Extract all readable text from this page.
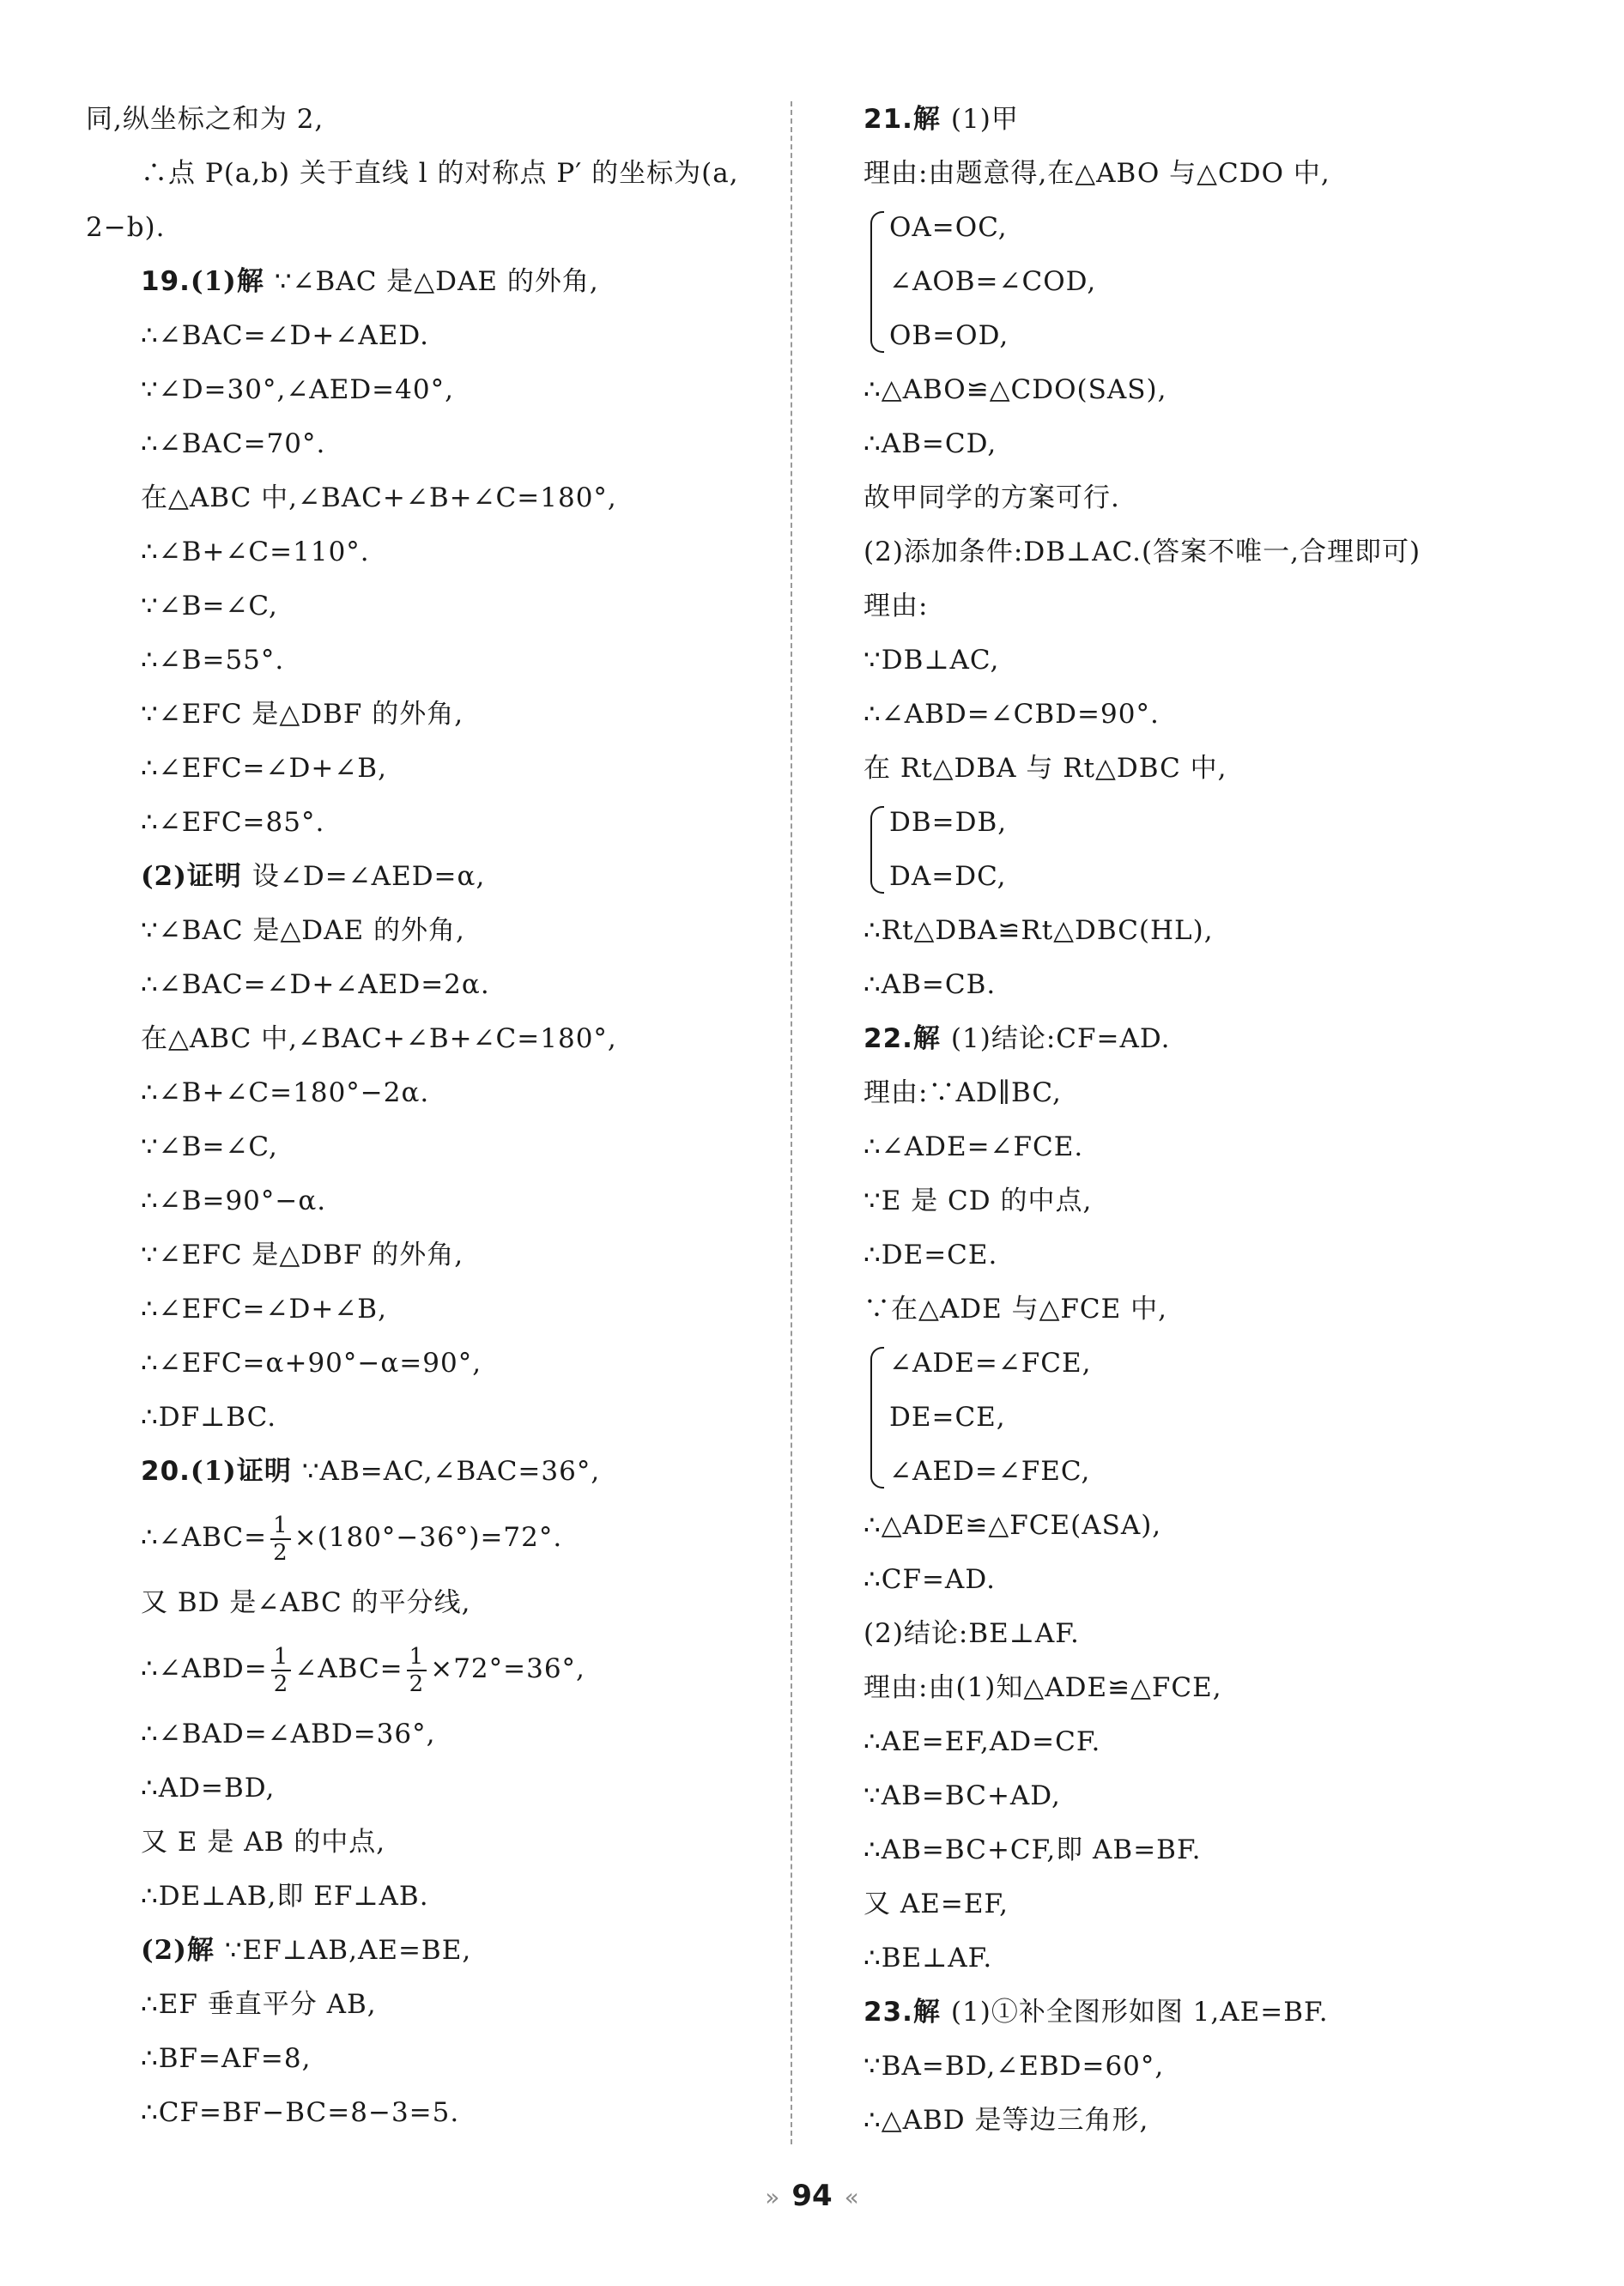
同,纵坐标之和为 2,
∴点 P(a,b) 关于直线 l 的对称点 P′ 的坐标为(a,
2−b).
19.(1)解 ∵∠BAC 是△DAE 的外角,
∴∠BAC=∠D+∠AED.
∵∠D=30°,∠AED=40°,
∴∠BAC=70°.
在△ABC 中,∠BAC+∠B+∠C=180°,
∴∠B+∠C=110°.
∵∠B=∠C,
∴∠B=55°.
∵∠EFC 是△DBF 的外角,
∴∠EFC=∠D+∠B,
∴∠EFC=85°.
(2)证明 设∠D=∠AED=α,
∵∠BAC 是△DAE 的外角,
∴∠BAC=∠D+∠AED=2α.
在△ABC 中,∠BAC+∠B+∠C=180°,
∴∠B+∠C=180°−2α.
∵∠B=∠C,
∴∠B=90°−α.
∵∠EFC 是△DBF 的外角,
∴∠EFC=∠D+∠B,
∴∠EFC=α+90°−α=90°,
∴DF⊥BC.
20.(1)证明 ∵AB=AC,∠BAC=36°,
∴∠ABC= $\frac{1}{2} \times(180^\circ-36^\circ)=72^\circ$.
又 BD 是∠ABC 的平分线,
∴∠ABD= $\frac{1}{2}$ ∠ABC= $\frac{1}{2} \times 72^\circ=36^\circ$,
∴∠BAD=∠ABD=36°,
∴AD=BD,
又 E 是 AB 的中点,
∴DE⊥AB,即 EF⊥AB.
(2)解 ∵EF⊥AB,AE=BE,
∴EF 垂直平分 AB,
∴BF=AF=8,
∴CF=BF−BC=8−3=5.
21.解 (1)甲
理由:由题意得,在△ABO 与△CDO 中,
OA=OC,
∠AOB=∠COD,
OB=OD,
∴△ABO≌△CDO(SAS),
∴AB=CD,
故甲同学的方案可行.
(2)添加条件:DB⊥AC.(答案不唯一,合理即可)
理由:
∵DB⊥AC,
∴∠ABD=∠CBD=90°.
在 Rt△DBA 与 Rt△DBC 中,
DB=DB,
DA=DC,
∴Rt△DBA≌Rt△DBC(HL),
∴AB=CB.
22.解 (1)结论:CF=AD.
理由:∵AD∥BC,
∴∠ADE=∠FCE.
∵E 是 CD 的中点,
∴DE=CE.
∵在△ADE 与△FCE 中,
∠ADE=∠FCE,
DE=CE,
∠AED=∠FEC,
∴△ADE≌△FCE(ASA),
∴CF=AD.
(2)结论:BE⊥AF.
理由:由(1)知△ADE≌△FCE,
∴AE=EF,AD=CF.
∵AB=BC+AD,
∴AB=BC+CF,即 AB=BF.
又 AE=EF,
∴BE⊥AF.
23.解 (1)①补全图形如图 1,AE=BF.
∵BA=BD,∠EBD=60°,
∴△ABD 是等边三角形,
» 94 «
